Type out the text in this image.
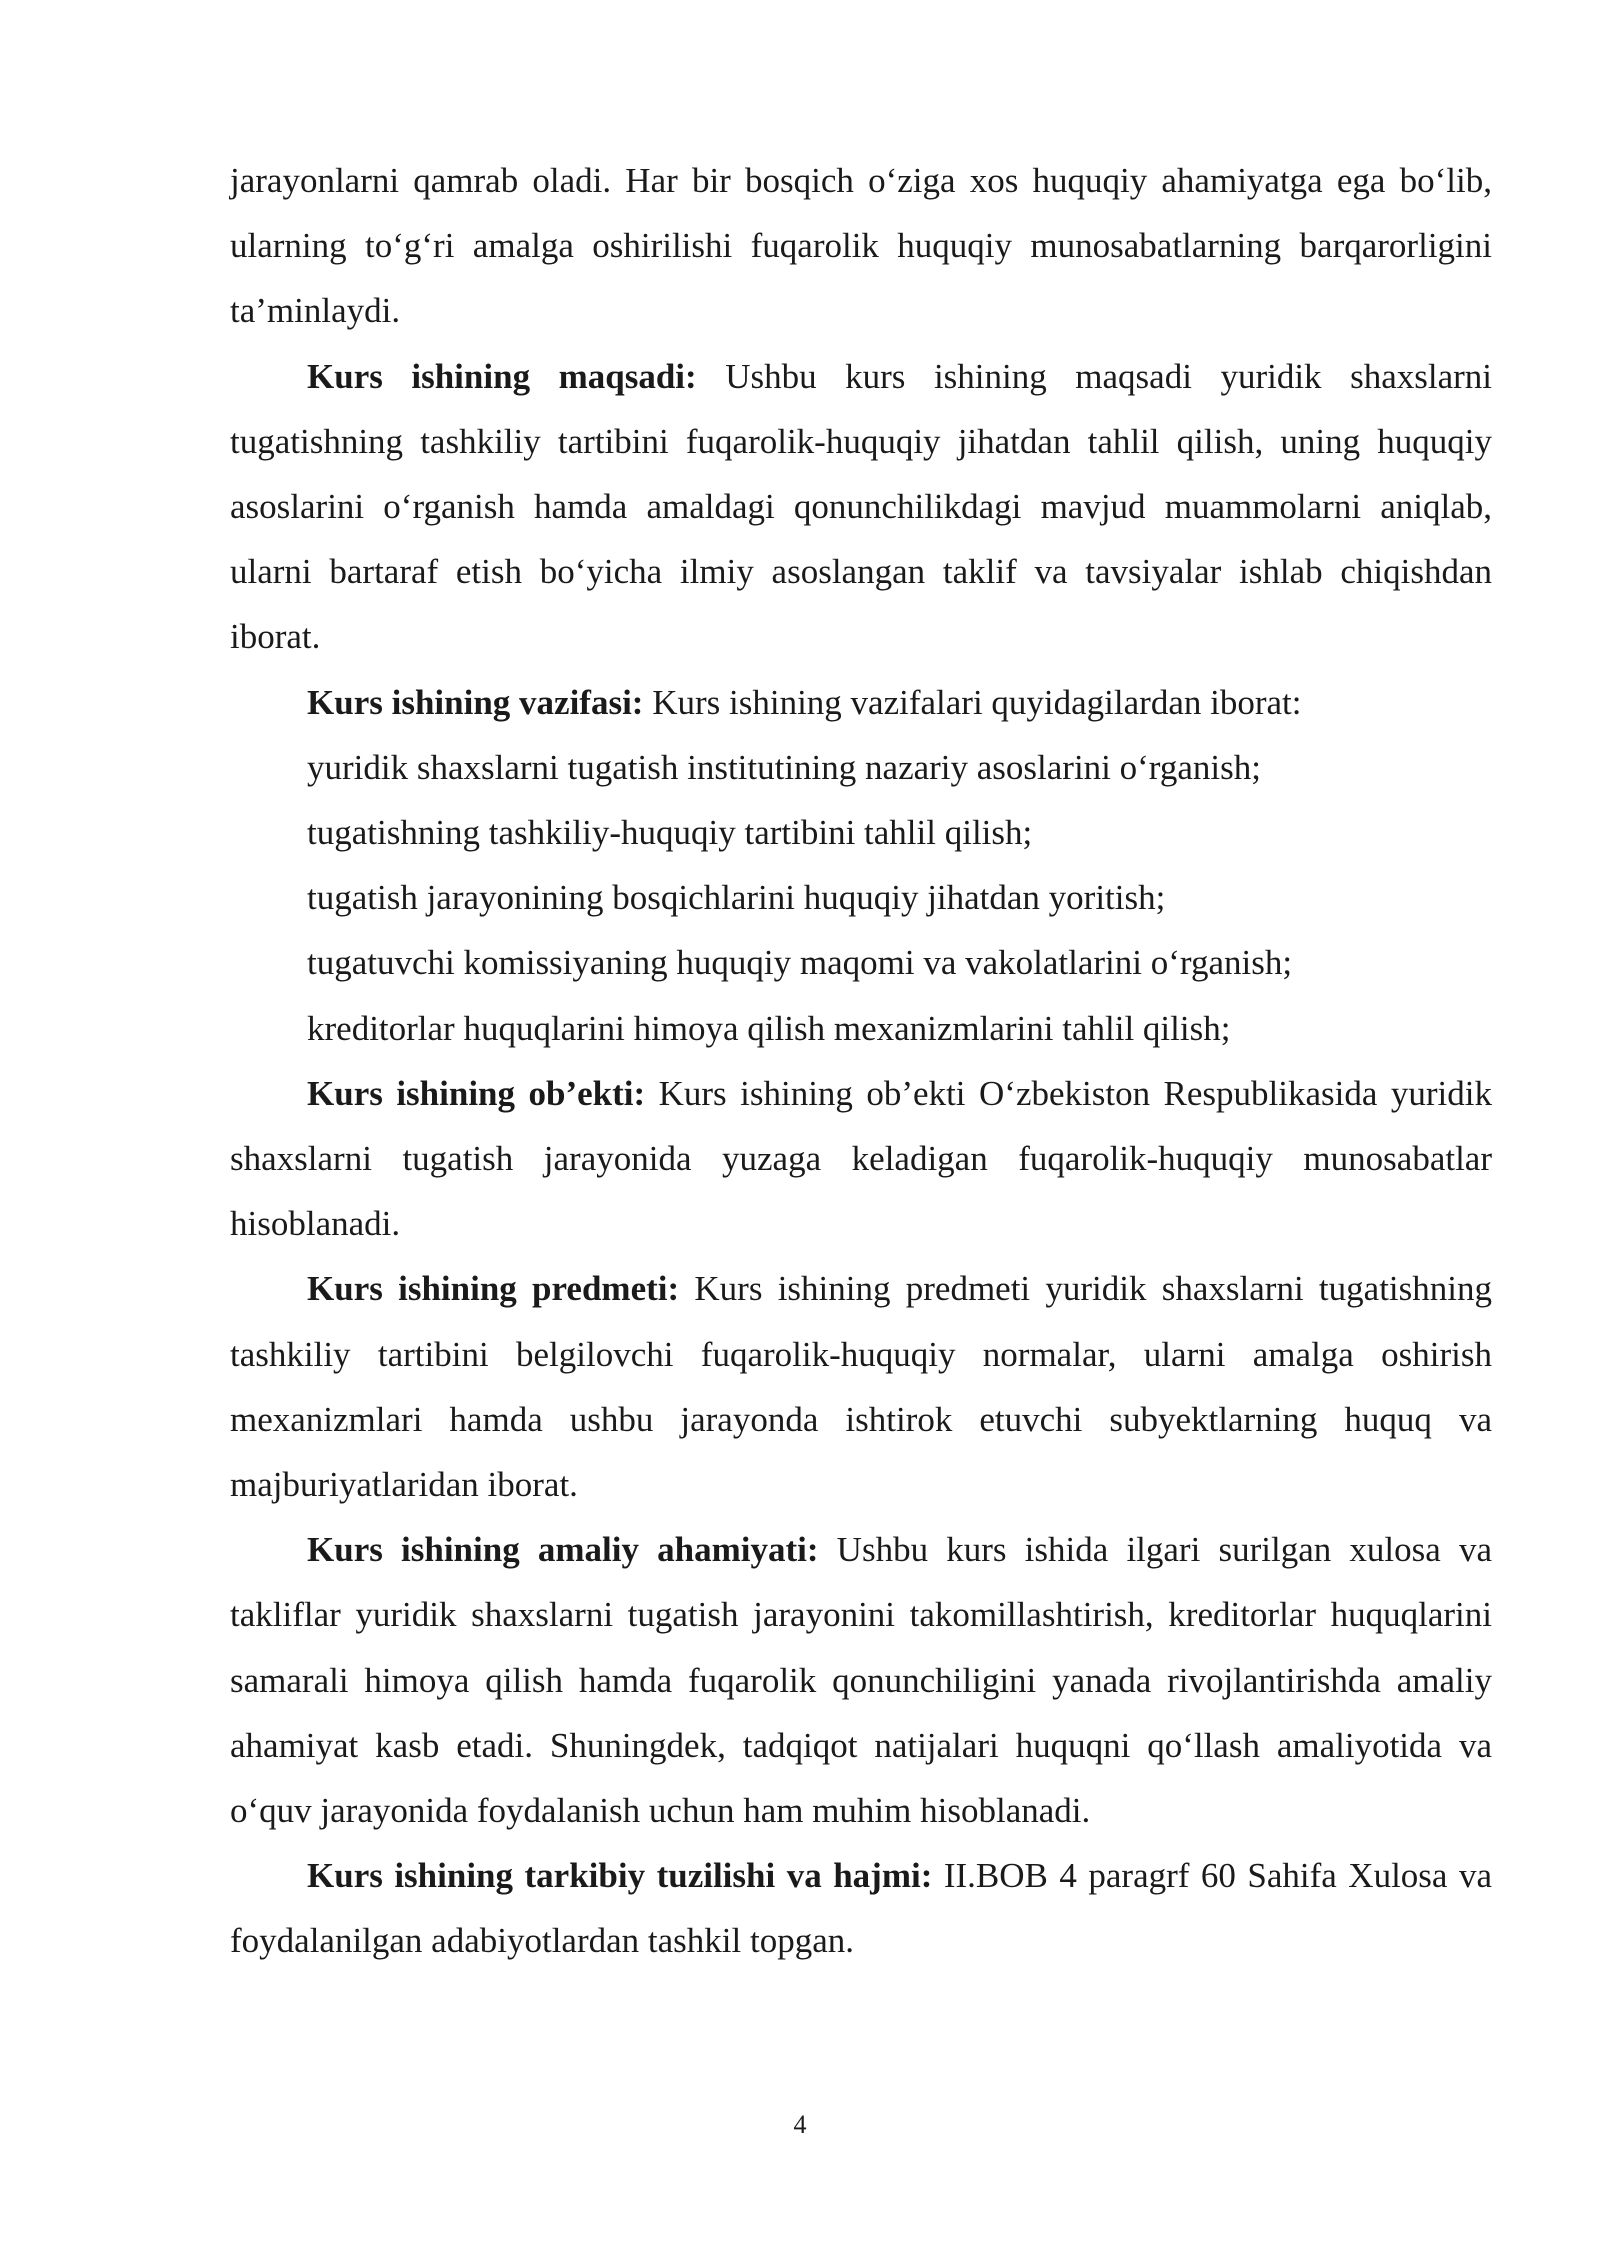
jarayonlarni qamrab oladi. Har bir bosqich o‘ziga xos huquqiy ahamiyatga ega bo‘lib, ularning to‘g‘ri amalga oshirilishi fuqarolik huquqiy munosabatlarning barqarorligini ta’minlaydi.

Kurs ishining maqsadi: Ushbu kurs ishining maqsadi yuridik shaxslarni tugatishning tashkiliy tartibini fuqarolik-huquqiy jihatdan tahlil qilish, uning huquqiy asoslarini o‘rganish hamda amaldagi qonunchilikdagi mavjud muammolarni aniqlab, ularni bartaraf etish bo‘yicha ilmiy asoslangan taklif va tavsiyalar ishlab chiqishdan iborat.

Kurs ishining vazifasi: Kurs ishining vazifalari quyidagilardan iborat:

yuridik shaxslarni tugatish institutining nazariy asoslarini o‘rganish;

tugatishning tashkiliy-huquqiy tartibini tahlil qilish;

tugatish jarayonining bosqichlarini huquqiy jihatdan yoritish;

tugatuvchi komissiyaning huquqiy maqomi va vakolatlarini o‘rganish;

kreditorlar huquqlarini himoya qilish mexanizmlarini tahlil qilish;

Kurs ishining ob’ekti: Kurs ishining ob’ekti O‘zbekiston Respublikasida yuridik shaxslarni tugatish jarayonida yuzaga keladigan fuqarolik-huquqiy munosabatlar hisoblanadi.

Kurs ishining predmeti: Kurs ishining predmeti yuridik shaxslarni tugatishning tashkiliy tartibini belgilovchi fuqarolik-huquqiy normalar, ularni amalga oshirish mexanizmlari hamda ushbu jarayonda ishtirok etuvchi subyektlarning huquq va majburiyatlaridan iborat.

Kurs ishining amaliy ahamiyati: Ushbu kurs ishida ilgari surilgan xulosa va takliflar yuridik shaxslarni tugatish jarayonini takomillashtirish, kreditorlar huquqlarini samarali himoya qilish hamda fuqarolik qonunchiligini yanada rivojlantirishda amaliy ahamiyat kasb etadi. Shuningdek, tadqiqot natijalari huquqni qo‘llash amaliyotida va o‘quv jarayonida foydalanish uchun ham muhim hisoblanadi.

Kurs ishining tarkibiy tuzilishi va hajmi: II.BOB 4 paragrf 60 Sahifa Xulosa va foydalanilgan adabiyotlardan tashkil topgan.

4
